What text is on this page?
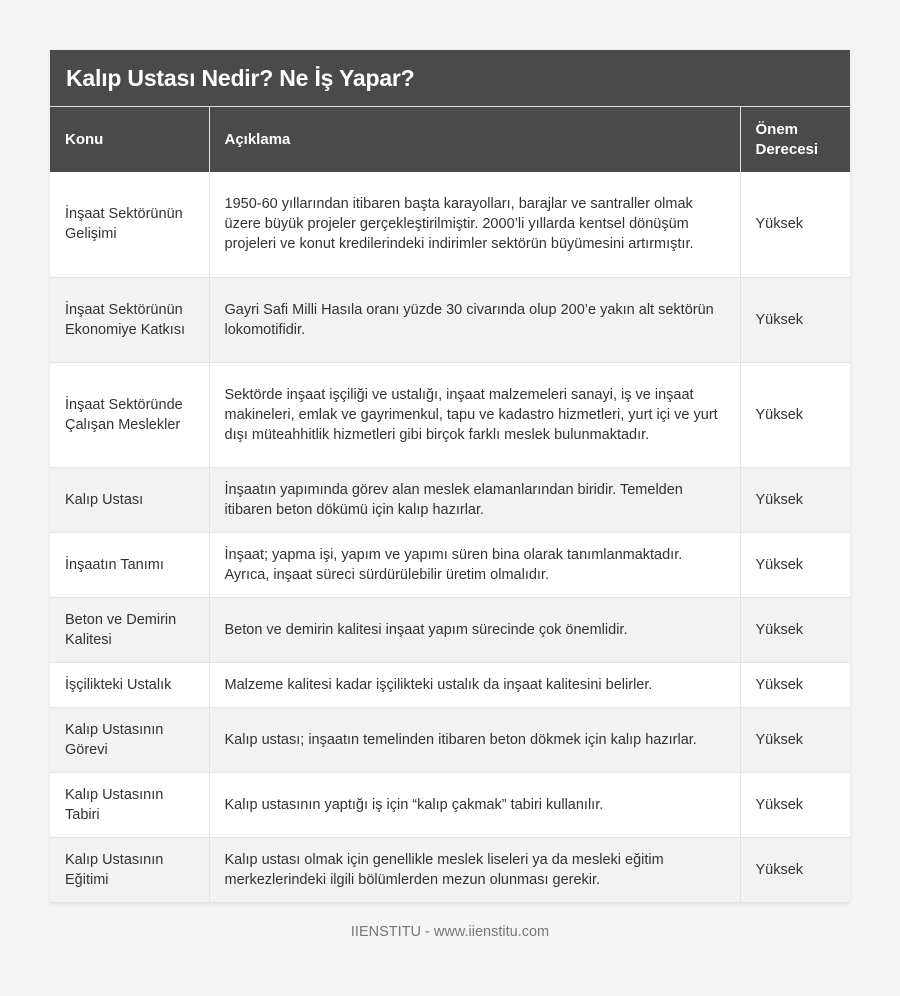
Kalıp Ustası Nedir? Ne İş Yapar?
Konu	Açıklama	Önem Derecesi
İnşaat Sektörünün Gelişimi	1950-60 yıllarından itibaren başta karayolları, barajlar ve santraller olmak üzere büyük projeler gerçekleştirilmiştir. 2000’li yıllarda kentsel dönüşüm projeleri ve konut kredilerindeki indirimler sektörün büyümesini artırmıştır.	Yüksek
İnşaat Sektörünün Ekonomiye Katkısı	Gayri Safi Milli Hasıla oranı yüzde 30 civarında olup 200’e yakın alt sektörün lokomotifidir.	Yüksek
İnşaat Sektöründe Çalışan Meslekler	Sektörde inşaat işçiliği ve ustalığı, inşaat malzemeleri sanayi, iş ve inşaat makineleri, emlak ve gayrimenkul, tapu ve kadastro hizmetleri, yurt içi ve yurt dışı müteahhitlik hizmetleri gibi birçok farklı meslek bulunmaktadır.	Yüksek
Kalıp Ustası	İnşaatın yapımında görev alan meslek elamanlarından biridir. Temelden itibaren beton dökümü için kalıp hazırlar.	Yüksek
İnşaatın Tanımı	İnşaat; yapma işi, yapım ve yapımı süren bina olarak tanımlanmaktadır. Ayrıca, inşaat süreci sürdürülebilir üretim olmalıdır.	Yüksek
Beton ve Demirin Kalitesi	Beton ve demirin kalitesi inşaat yapım sürecinde çok önemlidir.	Yüksek
İşçilikteki Ustalık	Malzeme kalitesi kadar işçilikteki ustalık da inşaat kalitesini belirler.	Yüksek
Kalıp Ustasının Görevi	Kalıp ustası; inşaatın temelinden itibaren beton dökmek için kalıp hazırlar.	Yüksek
Kalıp Ustasının Tabiri	Kalıp ustasının yaptığı iş için “kalıp çakmak” tabiri kullanılır.	Yüksek
Kalıp Ustasının Eğitimi	Kalıp ustası olmak için genellikle meslek liseleri ya da mesleki eğitim merkezlerindeki ilgili bölümlerden mezun olunması gerekir.	Yüksek
IIENSTITU - www.iienstitu.com
